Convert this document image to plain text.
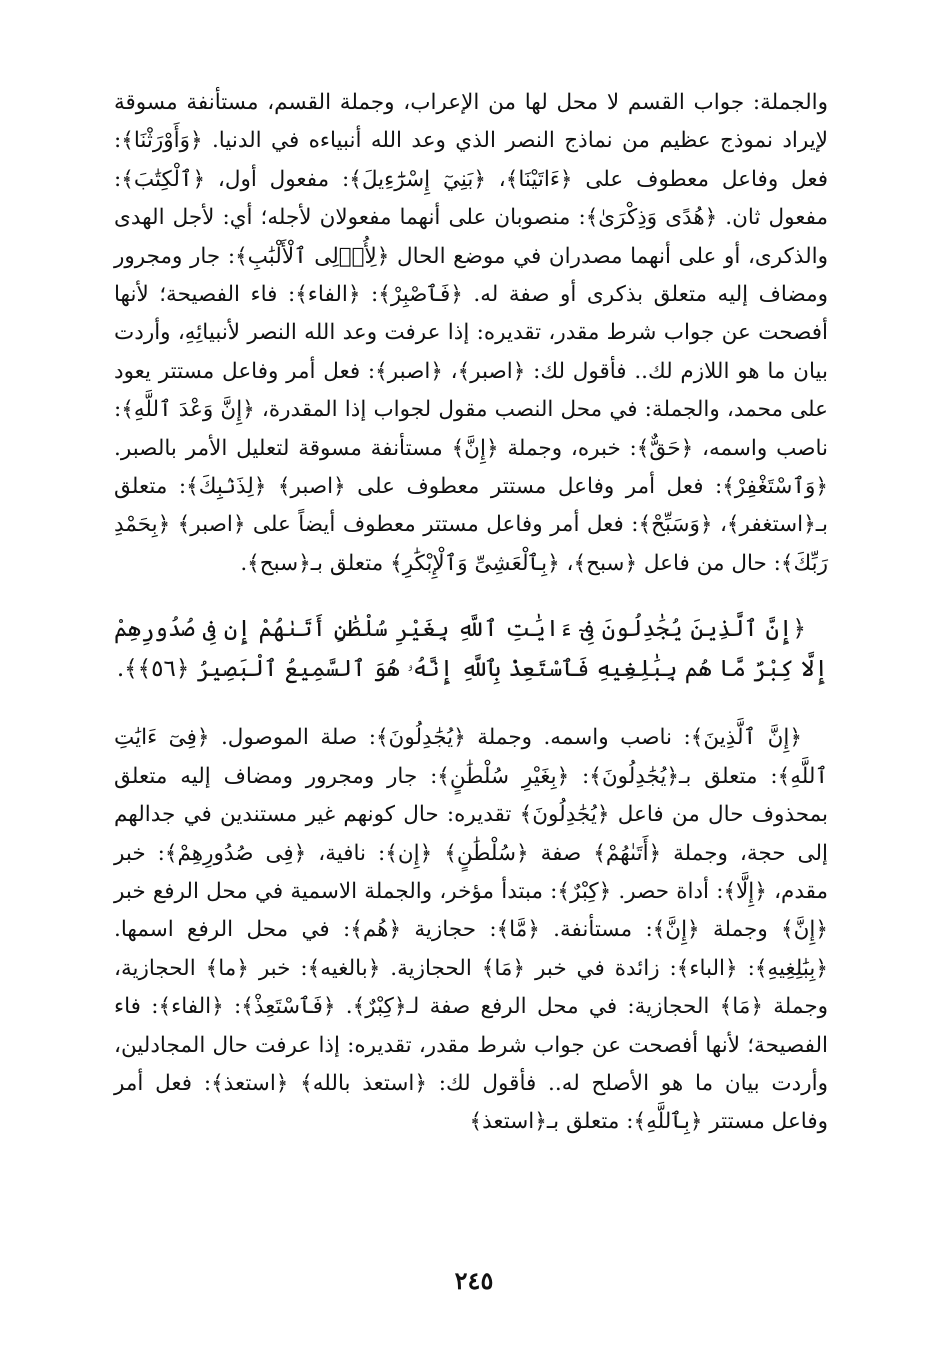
والجملة: جواب القسم لا محل لها من الإعراب، وجملة القسم، مستأنفة مسوقة لإيراد نموذج عظيم من نماذج النصر الذي وعد الله أنبياءه في الدنيا. ﴿وَأَوْرَثْنَا﴾: فعل وفاعل معطوف على ﴿ءَاتَيْنَا﴾، ﴿بَنِيٓ إِسْرَٰٓءِيلَ﴾: مفعول أول، ﴿ٱلْكِتَٰبَ﴾: مفعول ثان. ﴿هُدًى وَذِكْرَىٰ﴾: منصوبان على أنهما مفعولان لأجله؛ أي: لأجل الهدى والذكرى، أو على أنهما مصدران في موضع الحال ﴿لِأُو۟لِى ٱلْأَلْبَٰبِ﴾: جار ومجرور ومضاف إليه متعلق بذكرى أو صفة له. ﴿فَٱصْبِرْ﴾: ﴿الفاء﴾: فاء الفصيحة؛ لأنها أفصحت عن جواب شرط مقدر، تقديره: إذا عرفت وعد الله النصر لأنبيائِهِ، وأردت بيان ما هو اللازم لك.. فأقول لك: ﴿اصبر﴾، ﴿اصبر﴾: فعل أمر وفاعل مستتر يعود على محمد، والجملة: في محل النصب مقول لجواب إذا المقدرة، ﴿إِنَّ وَعْدَ ٱللَّهِ﴾: ناصب واسمه، ﴿حَقٌّ﴾: خبره، وجملة ﴿إِنَّ﴾ مستأنفة مسوقة لتعليل الأمر بالصبر. ﴿وَٱسْتَغْفِرْ﴾: فعل أمر وفاعل مستتر معطوف على ﴿اصبر﴾ ﴿لِذَنۢبِكَ﴾: متعلق بـ﴿استغفر﴾، ﴿وَسَبِّحْ﴾: فعل أمر وفاعل مستتر معطوف أيضاً على ﴿اصبر﴾ ﴿بِحَمْدِ رَبِّكَ﴾: حال من فاعل ﴿سبح﴾، ﴿بِٱلْعَشِىِّ وَٱلْإِبْكَٰرِ﴾ متعلق بـ﴿سبح﴾.

﴿إِنَّ ٱلَّذِينَ يُجَٰدِلُونَ فِىٓ ءَايَٰتِ ٱللَّهِ بِغَيْرِ سُلْطَٰنٍ أَتَىٰهُمْ إِن فِى صُدُورِهِمْ إِلَّا كِبْرٌ مَّا هُم بِبَٰلِغِيهِ فَٱسْتَعِذْ بِٱللَّهِ إِنَّهُۥ هُوَ ٱلسَّمِيعُ ٱلْبَصِيرُ ﴿٥٦﴾﴾.

﴿إِنَّ ٱلَّذِينَ﴾: ناصب واسمه. وجملة ﴿يُجَٰدِلُونَ﴾: صلة الموصول. ﴿فِىٓ ءَايَٰتِ ٱللَّهِ﴾: متعلق بـ﴿يُجَٰدِلُونَ﴾: ﴿بِغَيْرِ سُلْطَٰنٍ﴾: جار ومجرور ومضاف إليه متعلق بمحذوف حال من فاعل ﴿يُجَٰدِلُونَ﴾ تقديره: حال كونهم غير مستندين في جدالهم إلى حجة، وجملة ﴿أَتَىٰهُمْ﴾ صفة ﴿سُلْطَٰنٍ﴾ ﴿إِن﴾: نافية، ﴿فِى صُدُورِهِمْ﴾: خبر مقدم، ﴿إِلَّا﴾: أداة حصر. ﴿كِبْرٌ﴾: مبتدأ مؤخر، والجملة الاسمية في محل الرفع خبر ﴿إِنَّ﴾ وجملة ﴿إِنَّ﴾: مستأنفة. ﴿مَّا﴾: حجازية ﴿هُم﴾: في محل الرفع اسمها. ﴿بِبَٰلِغِيهِ﴾: ﴿الباء﴾: زائدة في خبر ﴿مَا﴾ الحجازية. ﴿بالغيه﴾: خبر ﴿ما﴾ الحجازية، وجملة ﴿مَا﴾ الحجازية: في محل الرفع صفة لـ﴿كِبْرٌ﴾. ﴿فَٱسْتَعِذْ﴾: ﴿الفاء﴾: فاء الفصيحة؛ لأنها أفصحت عن جواب شرط مقدر، تقديره: إذا عرفت حال المجادلين، وأردت بيان ما هو الأصلح له.. فأقول لك: ﴿استعذ بالله﴾ ﴿استعذ﴾: فعل أمر وفاعل مستتر ﴿بِٱللَّهِ﴾: متعلق بـ﴿استعذ﴾

٢٤٥
